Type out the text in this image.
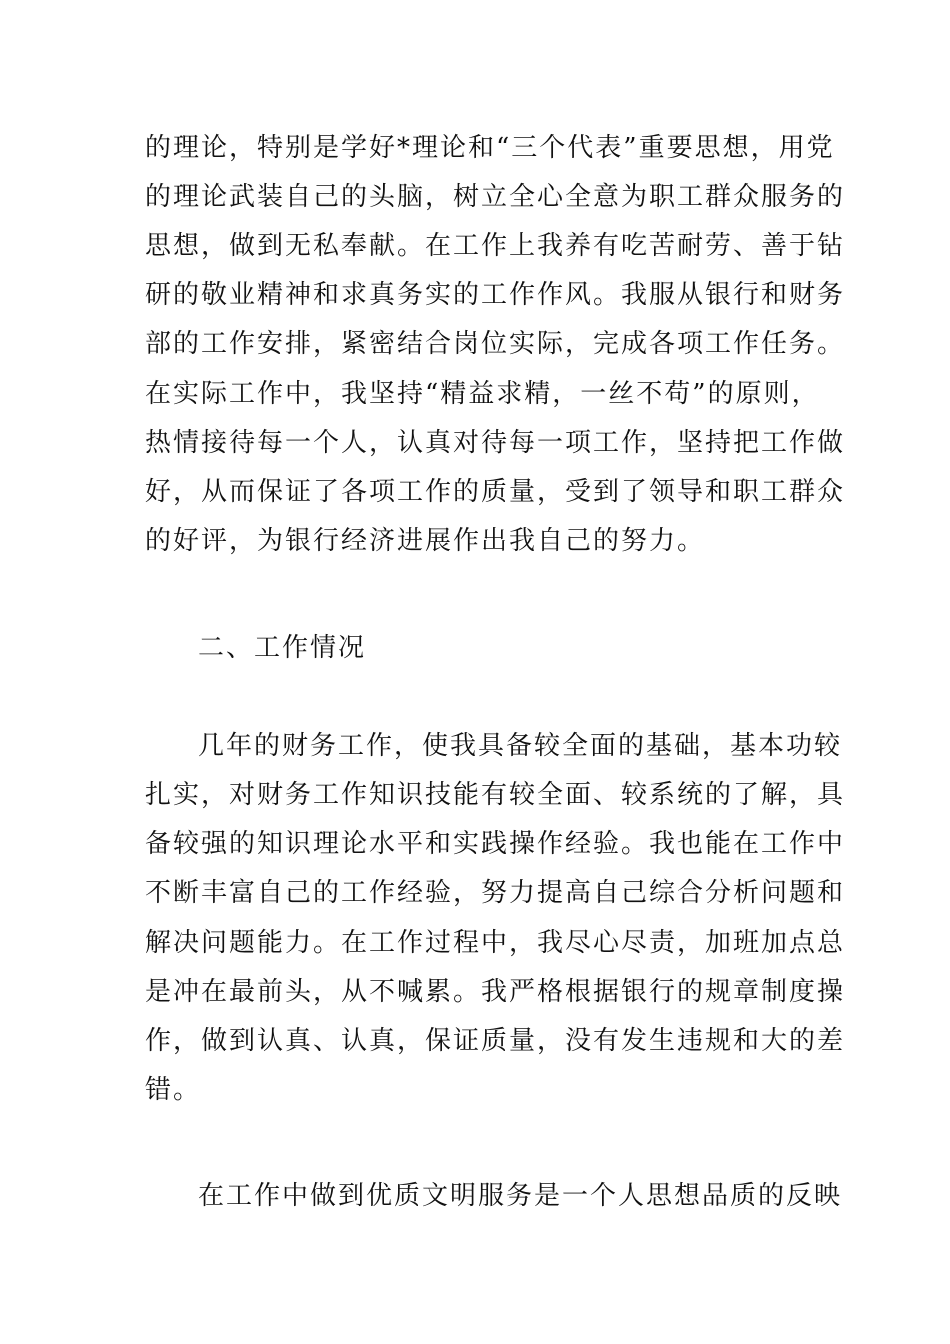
的理论，特别是学好*理论和“三个代表”重要思想，用党
的理论武装自己的头脑，树立全心全意为职工群众服务的
思想，做到无私奉献。在工作上我养有吃苦耐劳、善于钻
研的敬业精神和求真务实的工作作风。我服从银行和财务
部的工作安排，紧密结合岗位实际，完成各项工作任务。
在实际工作中，我坚持“精益求精，一丝不苟”的原则，
热情接待每一个人，认真对待每一项工作，坚持把工作做
好，从而保证了各项工作的质量，受到了领导和职工群众
的好评，为银行经济进展作出我自己的努力。
二、工作情况
几年的财务工作，使我具备较全面的基础，基本功较
扎实，对财务工作知识技能有较全面、较系统的了解，具
备较强的知识理论水平和实践操作经验。我也能在工作中
不断丰富自己的工作经验，努力提高自己综合分析问题和
解决问题能力。在工作过程中，我尽心尽责，加班加点总
是冲在最前头，从不喊累。我严格根据银行的规章制度操
作，做到认真、认真，保证质量，没有发生违规和大的差
错。
在工作中做到优质文明服务是一个人思想品质的反映
